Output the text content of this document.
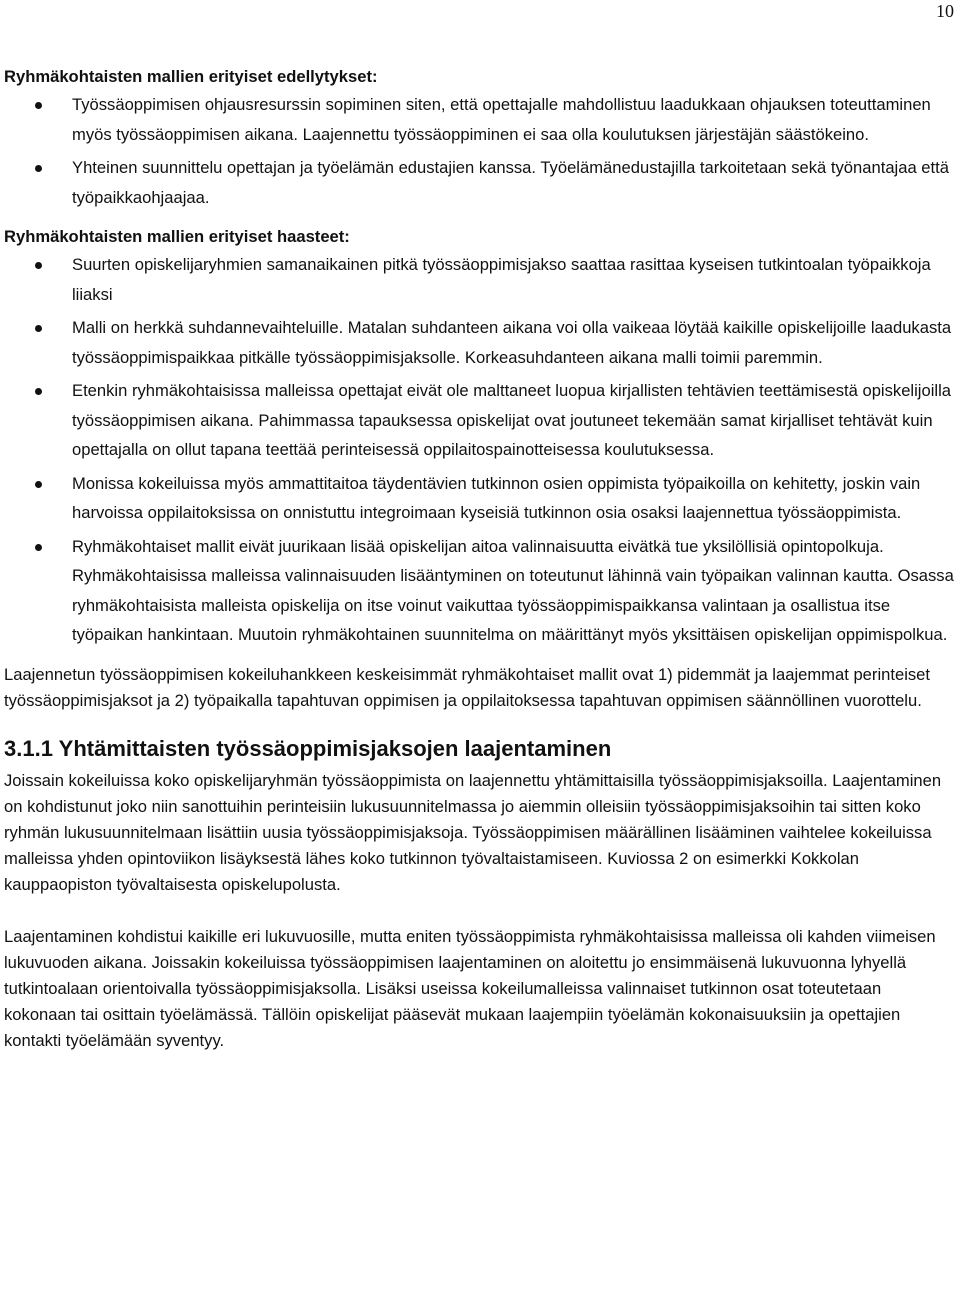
10

Ryhmäkohtaisten mallien erityiset edellytykset:

Työssäoppimisen ohjausresurssin sopiminen siten, että opettajalle mahdollistuu laadukkaan ohjauksen toteuttaminen myös työssäoppimisen aikana. Laajennettu työssäoppiminen ei saa olla koulutuksen järjestäjän säästökeino.
Yhteinen suunnittelu opettajan ja työelämän edustajien kanssa. Työelämänedustajilla tarkoitetaan sekä työnantajaa että työpaikkaohjaajaa.

Ryhmäkohtaisten mallien erityiset haasteet:

Suurten opiskelijaryhmien samanaikainen pitkä työssäoppimisjakso saattaa rasittaa kyseisen tutkintoalan työpaikkoja liiaksi
Malli on herkkä suhdannevaihteluille. Matalan suhdanteen aikana voi olla vaikeaa löytää kaikille opiskelijoille laadukasta työssäoppimispaikkaa pitkälle työssäoppimisjaksolle. Korkeasuhdanteen aikana malli toimii paremmin.
Etenkin ryhmäkohtaisissa malleissa opettajat eivät ole malttaneet luopua kirjallisten tehtävien teettämisestä opiskelijoilla työssäoppimisen aikana. Pahimmassa tapauksessa opiskelijat ovat joutuneet tekemään samat kirjalliset tehtävät kuin opettajalla on ollut tapana teettää perinteisessä oppilaitospainotteisessa koulutuksessa.
Monissa kokeiluissa myös ammattitaitoa täydentävien tutkinnon osien oppimista työpaikoilla on kehitetty, joskin vain harvoissa oppilaitoksissa on onnistuttu integroimaan kyseisiä tutkinnon osia osaksi laajennettua työssäoppimista.
Ryhmäkohtaiset mallit eivät juurikaan lisää opiskelijan aitoa valinnaisuutta eivätkä tue yksilöllisiä opintopolkuja. Ryhmäkohtaisissa malleissa valinnaisuuden lisääntyminen on toteutunut lähinnä vain työpaikan valinnan kautta. Osassa ryhmäkohtaisista malleista opiskelija on itse voinut vaikuttaa työssäoppimispaikkansa valintaan ja osallistua itse työpaikan hankintaan. Muutoin ryhmäkohtainen suunnitelma on määrittänyt myös yksittäisen opiskelijan oppimispolkua.

Laajennetun työssäoppimisen kokeiluhankkeen keskeisimmät ryhmäkohtaiset mallit ovat 1) pidemmät ja laajemmat perinteiset työssäoppimisjaksot ja 2) työpaikalla tapahtuvan oppimisen ja oppilaitoksessa tapahtuvan oppimisen säännöllinen vuorottelu.

3.1.1 Yhtämittaisten työssäoppimisjaksojen laajentaminen

Joissain kokeiluissa koko opiskelijaryhmän työssäoppimista on laajennettu yhtämittaisilla työssäoppimisjaksoilla. Laajentaminen on kohdistunut joko niin sanottuihin perinteisiin lukusuunnitelmassa jo aiemmin olleisiin työssäoppimisjaksoihin tai sitten koko ryhmän lukusuunnitelmaan lisättiin uusia työssäoppimisjaksoja. Työssäoppimisen määrällinen lisääminen vaihtelee kokeiluissa malleissa yhden opintoviikon lisäyksestä lähes koko tutkinnon työvaltaistamiseen. Kuviossa 2 on esimerkki Kokkolan kauppaopiston työvaltaisesta opiskelupolusta.

Laajentaminen kohdistui kaikille eri lukuvuosille, mutta eniten työssäoppimista ryhmäkohtaisissa malleissa oli kahden viimeisen lukuvuoden aikana. Joissakin kokeiluissa työssäoppimisen laajentaminen on aloitettu jo ensimmäisenä lukuvuonna lyhyellä tutkintoalaan orientoivalla työssäoppimisjaksolla. Lisäksi useissa kokeilumalleissa valinnaiset tutkinnon osat toteutetaan kokonaan tai osittain työelämässä. Tällöin opiskelijat pääsevät mukaan laajempiin työelämän kokonaisuuksiin ja opettajien kontakti työelämään syventyy.
